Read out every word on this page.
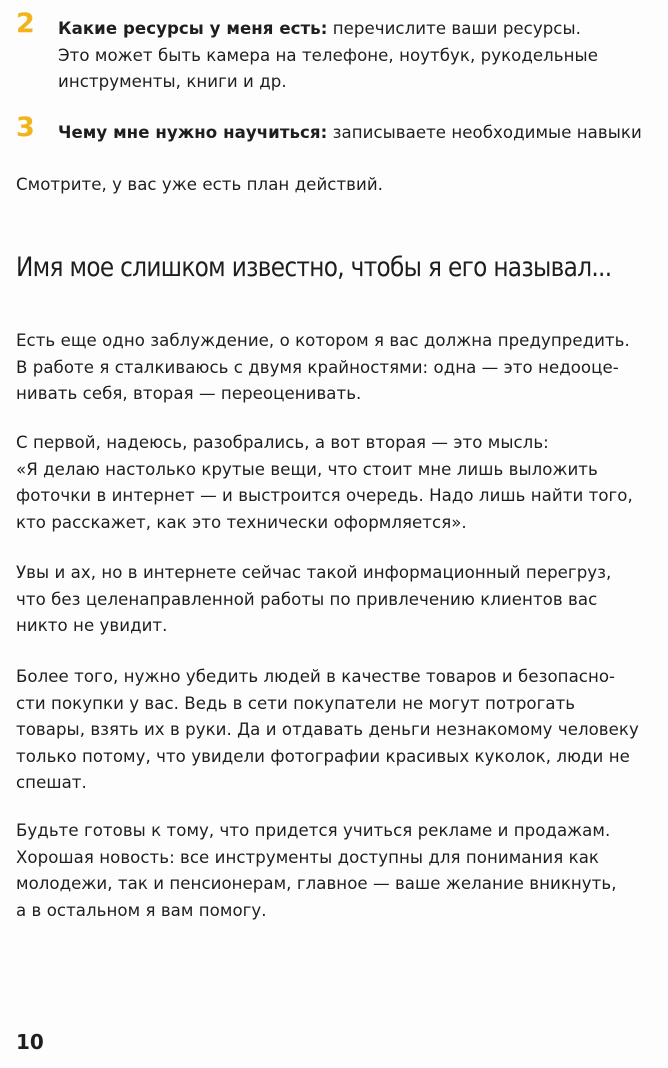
2 Какие ресурсы у меня есть: перечислите ваши ресурсы.
Это может быть камера на телефоне, ноутбук, рукодельные
инструменты, книги и др.
3 Чему мне нужно научиться: записываете необходимые навыки

Смотрите, у вас уже есть план действий.

Имя мое слишком известно, чтобы я его называл...

Есть еще одно заблуждение, о котором я вас должна предупредить.
В работе я сталкиваюсь с двумя крайностями: одна — это недооце-
нивать себя, вторая — переоценивать.

С первой, надеюсь, разобрались, а вот вторая — это мысль:
«Я делаю настолько крутые вещи, что стоит мне лишь выложить
фоточки в интернет — и выстроится очередь. Надо лишь найти того,
кто расскажет, как это технически оформляется».

Увы и ах, но в интернете сейчас такой информационный перегруз,
что без целенаправленной работы по привлечению клиентов вас
никто не увидит.

Более того, нужно убедить людей в качестве товаров и безопасно-
сти покупки у вас. Ведь в сети покупатели не могут потрогать
товары, взять их в руки. Да и отдавать деньги незнакомому человеку
только потому, что увидели фотографии красивых куколок, люди не
спешат.

Будьте готовы к тому, что придется учиться рекламе и продажам.
Хорошая новость: все инструменты доступны для понимания как
молодежи, так и пенсионерам, главное — ваше желание вникнуть,
а в остальном я вам помогу.

10
